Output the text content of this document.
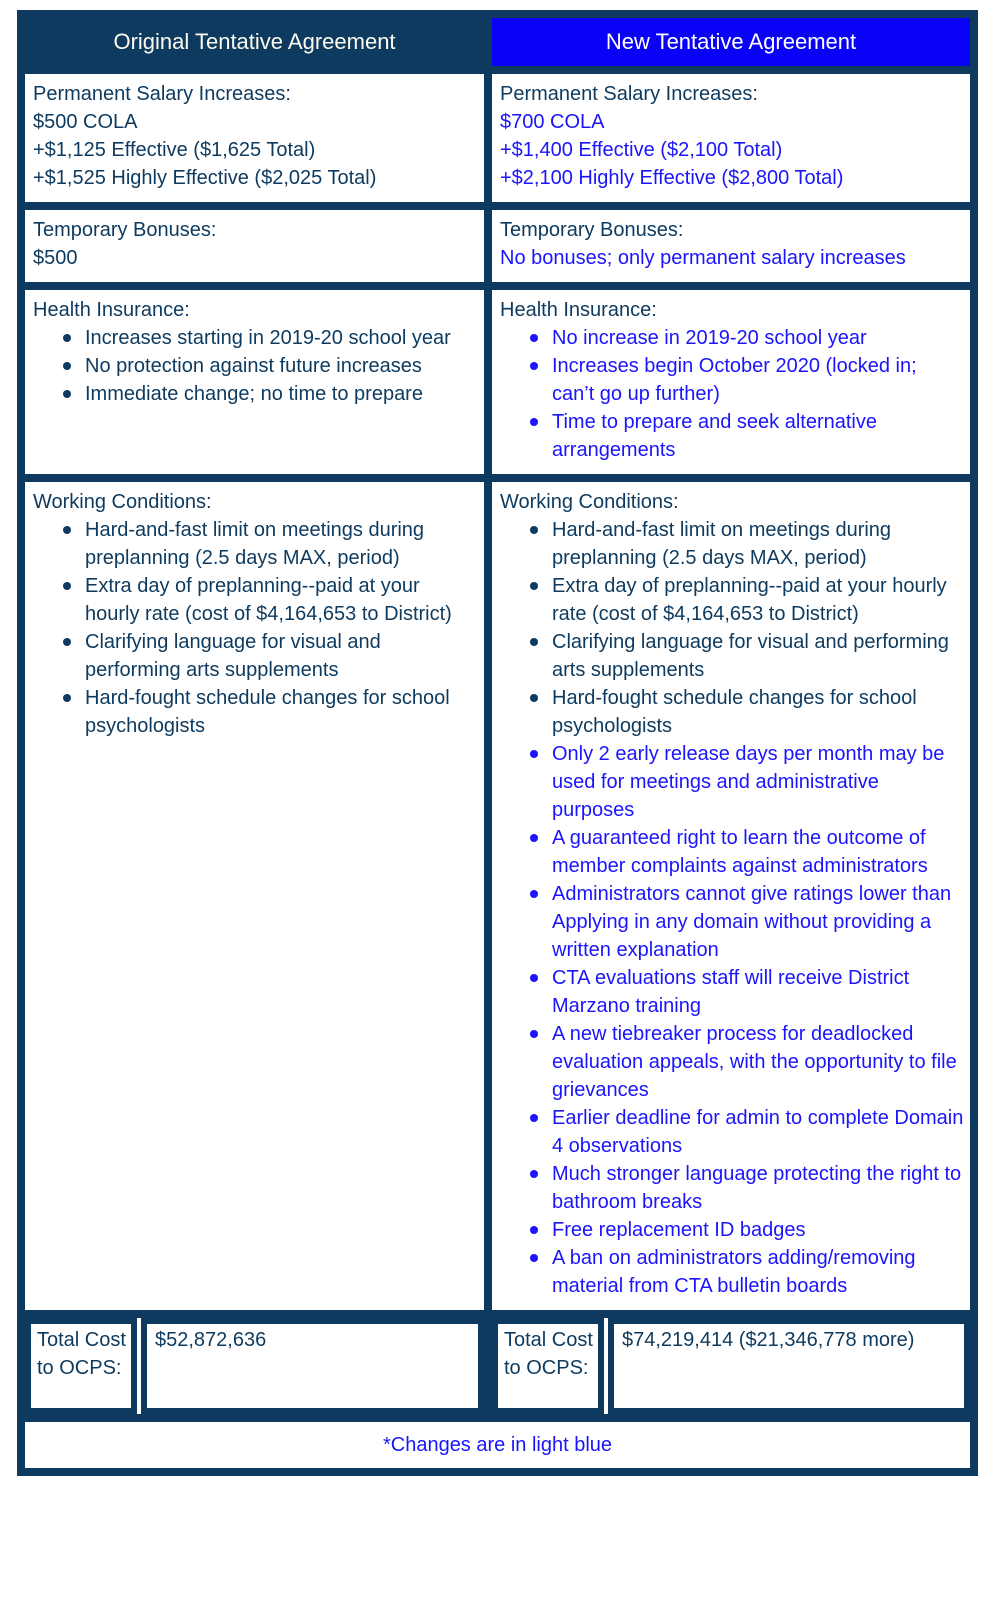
Original Tentative Agreement	New Tentative Agreement
Permanent Salary Increases:
$500 COLA
+$1,125 Effective ($1,625 Total)
+$1,525 Highly Effective ($2,025 Total)
Permanent Salary Increases:
$700 COLA
+$1,400 Effective ($2,100 Total)
+$2,100 Highly Effective ($2,800 Total)
Temporary Bonuses:
$500
Temporary Bonuses:
No bonuses; only permanent salary increases
Health Insurance:
Increases starting in 2019-20 school year
No protection against future increases
Immediate change; no time to prepare
Health Insurance:
No increase in 2019-20 school year
Increases begin October 2020 (locked in; can’t go up further)
Time to prepare and seek alternative arrangements
Working Conditions:
Hard-and-fast limit on meetings during preplanning (2.5 days MAX, period)
Extra day of preplanning--paid at your hourly rate (cost of $4,164,653 to District)
Clarifying language for visual and performing arts supplements
Hard-fought schedule changes for school psychologists
Working Conditions:
Hard-and-fast limit on meetings during preplanning (2.5 days MAX, period)
Extra day of preplanning--paid at your hourly rate (cost of $4,164,653 to District)
Clarifying language for visual and performing arts supplements
Hard-fought schedule changes for school psychologists
Only 2 early release days per month may be used for meetings and administrative purposes
A guaranteed right to learn the outcome of member complaints against administrators
Administrators cannot give ratings lower than Applying in any domain without providing a written explanation
CTA evaluations staff will receive District Marzano training
A new tiebreaker process for deadlocked evaluation appeals, with the opportunity to file grievances
Earlier deadline for admin to complete Domain 4 observations
Much stronger language protecting the right to bathroom breaks
Free replacement ID badges
A ban on administrators adding/removing material from CTA bulletin boards
Total Cost to OCPS:
$52,872,636	Total Cost to OCPS:
$74,219,414 ($21,346,778 more)
*Changes are in light blue
